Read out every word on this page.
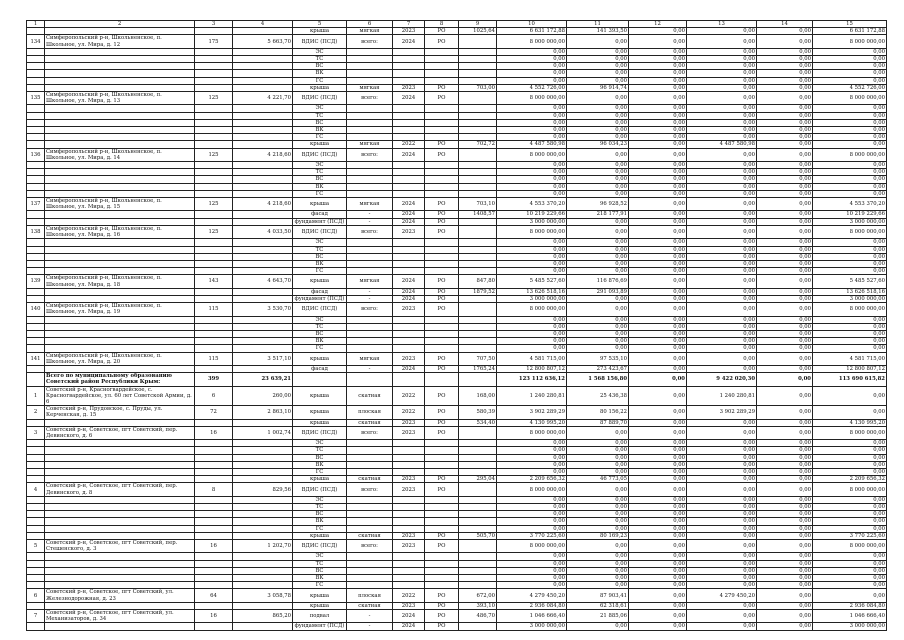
1	2	3	4	5	6	7	8	9	10	11	12	13	14	15
				крыша	мягкая	2023	РО	1025,64	6 631 172,88	141 393,50	0,00	0,00	0,00	6 631 172,88
134	Симферопольский р-н, Школьненское, п. Школьное, ул. Мира, д. 12	175	5 663,70	ВДИС (ПСД)	всего:	2024	РО		8 000 000,00	0,00	0,00	0,00	0,00	8 000 000,00
				ЭС					0,00	0,00	0,00	0,00	0,00	0,00
				ТС					0,00	0,00	0,00	0,00	0,00	0,00
				ВС					0,00	0,00	0,00	0,00	0,00	0,00
				ВК					0,00	0,00	0,00	0,00	0,00	0,00
				ГС					0,00	0,00	0,00	0,00	0,00	0,00
				крыша	мягкая	2023	РО	703,00	4 552 726,00	96 914,74	0,00	0,00	0,00	4 552 726,00
135	Симферопольский р-н, Школьненское, п. Школьное, ул. Мира, д. 13	125	4 221,70	ВДИС (ПСД)	всего:	2024	РО		8 000 000,00	0,00	0,00	0,00	0,00	8 000 000,00
				ЭС					0,00	0,00	0,00	0,00	0,00	0,00
				ТС					0,00	0,00	0,00	0,00	0,00	0,00
				ВС					0,00	0,00	0,00	0,00	0,00	0,00
				ВК					0,00	0,00	0,00	0,00	0,00	0,00
				ГС					0,00	0,00	0,00	0,00	0,00	0,00
				крыша	мягкая	2022	РО	702,72	4 487 580,98	96 034,23	0,00	4 487 580,98	0,00	0,00
136	Симферопольский р-н, Школьненское, п. Школьное, ул. Мира, д. 14	125	4 218,60	ВДИС (ПСД)	всего:	2024	РО		8 000 000,00	0,00	0,00	0,00	0,00	8 000 000,00
				ЭС					0,00	0,00	0,00	0,00	0,00	0,00
				ТС					0,00	0,00	0,00	0,00	0,00	0,00
				ВС					0,00	0,00	0,00	0,00	0,00	0,00
				ВК					0,00	0,00	0,00	0,00	0,00	0,00
				ГС					0,00	0,00	0,00	0,00	0,00	0,00
137	Симферопольский р-н, Школьненское, п. Школьное, ул. Мира, д. 15	125	4 218,60	крыша	мягкая	2024	РО	703,10	4 553 370,20	96 928,52	0,00	0,00	0,00	4 553 370,20
				фасад	-	2024	РО	1408,57	10 219 229,66	218 177,91	0,00	0,00	0,00	10 219 229,66
				фундамент (ПСД)	-	2024	РО		3 000 000,00	0,00	0,00	0,00	0,00	3 000 000,00
138	Симферопольский р-н, Школьненское, п. Школьное, ул. Мира, д. 16	125	4 033,50	ВДИС (ПСД)	всего:	2023	РО		8 000 000,00	0,00	0,00	0,00	0,00	8 000 000,00
				ЭС					0,00	0,00	0,00	0,00	0,00	0,00
				ТС					0,00	0,00	0,00	0,00	0,00	0,00
				ВС					0,00	0,00	0,00	0,00	0,00	0,00
				ВК					0,00	0,00	0,00	0,00	0,00	0,00
				ГС					0,00	0,00	0,00	0,00	0,00	0,00
139	Симферопольский р-н, Школьненское, п. Школьное, ул. Мира, д. 18	143	4 643,70	крыша	мягкая	2024	РО	847,80	5 485 527,60	116 876,69	0,00	0,00	0,00	5 485 527,60
				фасад	-	2024	РО	1879,52	13 626 518,16	291 093,89	0,00	0,00	0,00	13 626 518,16
				фундамент (ПСД)	-	2024	РО		3 000 000,00	0,00	0,00	0,00	0,00	3 000 000,00
140	Симферопольский р-н, Школьненское, п. Школьное, ул. Мира, д. 19	115	3 530,70	ВДИС (ПСД)	всего:	2023	РО		8 000 000,00	0,00	0,00	0,00	0,00	8 000 000,00
				ЭС					0,00	0,00	0,00	0,00	0,00	0,00
				ТС					0,00	0,00	0,00	0,00	0,00	0,00
				ВС					0,00	0,00	0,00	0,00	0,00	0,00
				ВК					0,00	0,00	0,00	0,00	0,00	0,00
				ГС					0,00	0,00	0,00	0,00	0,00	0,00
141	Симферопольский р-н, Школьненское, п. Школьное, ул. Мира, д. 20	115	3 517,10	крыша	мягкая	2023	РО	707,50	4 581 715,00	97 535,10	0,00	0,00	0,00	4 581 715,00
				фасад	-	2024	РО	1765,24	12 800 807,12	273 423,67	0,00	0,00	0,00	12 800 807,12
	Всего по муниципальному образованию Советский район Республики Крым:	399	23 639,21						123 112 636,12	1 568 156,80	0,00	9 422 020,30	0,00	113 690 615,82
1	Советский р-н, Красногвардейское, с. Красногвардейское, ул. 60 лет Советской Армии, д. 6	6	260,00	крыша	скатная	2022	РО	168,00	1 240 280,81	25 436,38	0,00	1 240 280,81	0,00	0,00
2	Советский р-н, Прудовское, с. Пруды, ул. Керченская, д. 15	72	2 863,10	крыша	плоская	2022	РО	580,39	3 902 289,29	80 156,22	0,00	3 902 289,29	0,00	0,00
				крыша	скатная	2023	РО	534,40	4 130 995,20	87 889,70	0,00	0,00	0,00	4 130 995,20
3	Советский р-н, Советское, пгт Советский, пер. Девинского, д. 6	16	1 002,74	ВДИС (ПСД)	всего:	2023	РО		8 000 000,00	0,00	0,00	0,00	0,00	8 000 000,00
				ЭС					0,00	0,00	0,00	0,00	0,00	0,00
				ТС					0,00	0,00	0,00	0,00	0,00	0,00
				ВС					0,00	0,00	0,00	0,00	0,00	0,00
				ВК					0,00	0,00	0,00	0,00	0,00	0,00
				ГС					0,00	0,00	0,00	0,00	0,00	0,00
				крыша	скатная	2023	РО	295,04	2 209 656,32	46 773,05	0,00	0,00	0,00	2 209 656,32
4	Советский р-н, Советское, пгт Советский, пер. Девинского, д. 8	8	829,56	ВДИС (ПСД)	всего:	2023	РО		8 000 000,00	0,00	0,00	0,00	0,00	8 000 000,00
				ЭС					0,00	0,00	0,00	0,00	0,00	0,00
				ТС					0,00	0,00	0,00	0,00	0,00	0,00
				ВС					0,00	0,00	0,00	0,00	0,00	0,00
				ВК					0,00	0,00	0,00	0,00	0,00	0,00
				ГС					0,00	0,00	0,00	0,00	0,00	0,00
				крыша	скатная	2023	РО	505,70	3 770 225,60	80 169,23	0,00	0,00	0,00	3 770 225,60
5	Советский р-н, Советское, пгт Советский, пер. Стешенского, д. 3	16	1 202,70	ВДИС (ПСД)	всего:	2023	РО		8 000 000,00	0,00	0,00	0,00	0,00	8 000 000,00
				ЭС					0,00	0,00	0,00	0,00	0,00	0,00
				ТС					0,00	0,00	0,00	0,00	0,00	0,00
				ВС					0,00	0,00	0,00	0,00	0,00	0,00
				ВК					0,00	0,00	0,00	0,00	0,00	0,00
				ГС					0,00	0,00	0,00	0,00	0,00	0,00
6	Советский р-н, Советское, пгт Советский, ул. Железнодорожная, д. 23	64	3 058,78	крыша	плоская	2022	РО	672,00	4 279 450,20	87 903,41	0,00	4 279 450,20	0,00	0,00
				крыша	скатная	2023	РО	393,10	2 936 084,80	62 318,61	0,00	0,00	0,00	2 936 084,80
7	Советский р-н, Советское, пгт Советский, ул. Механизаторов, д. 34	16	865,20	подвал	-	2024	РО	486,70	1 046 666,40	21 885,06	0,00	0,00	0,00	1 046 666,40
				фундамент (ПСД)	-	2024	РО		3 000 000,00	0,00	0,00	0,00	0,00	3 000 000,00
